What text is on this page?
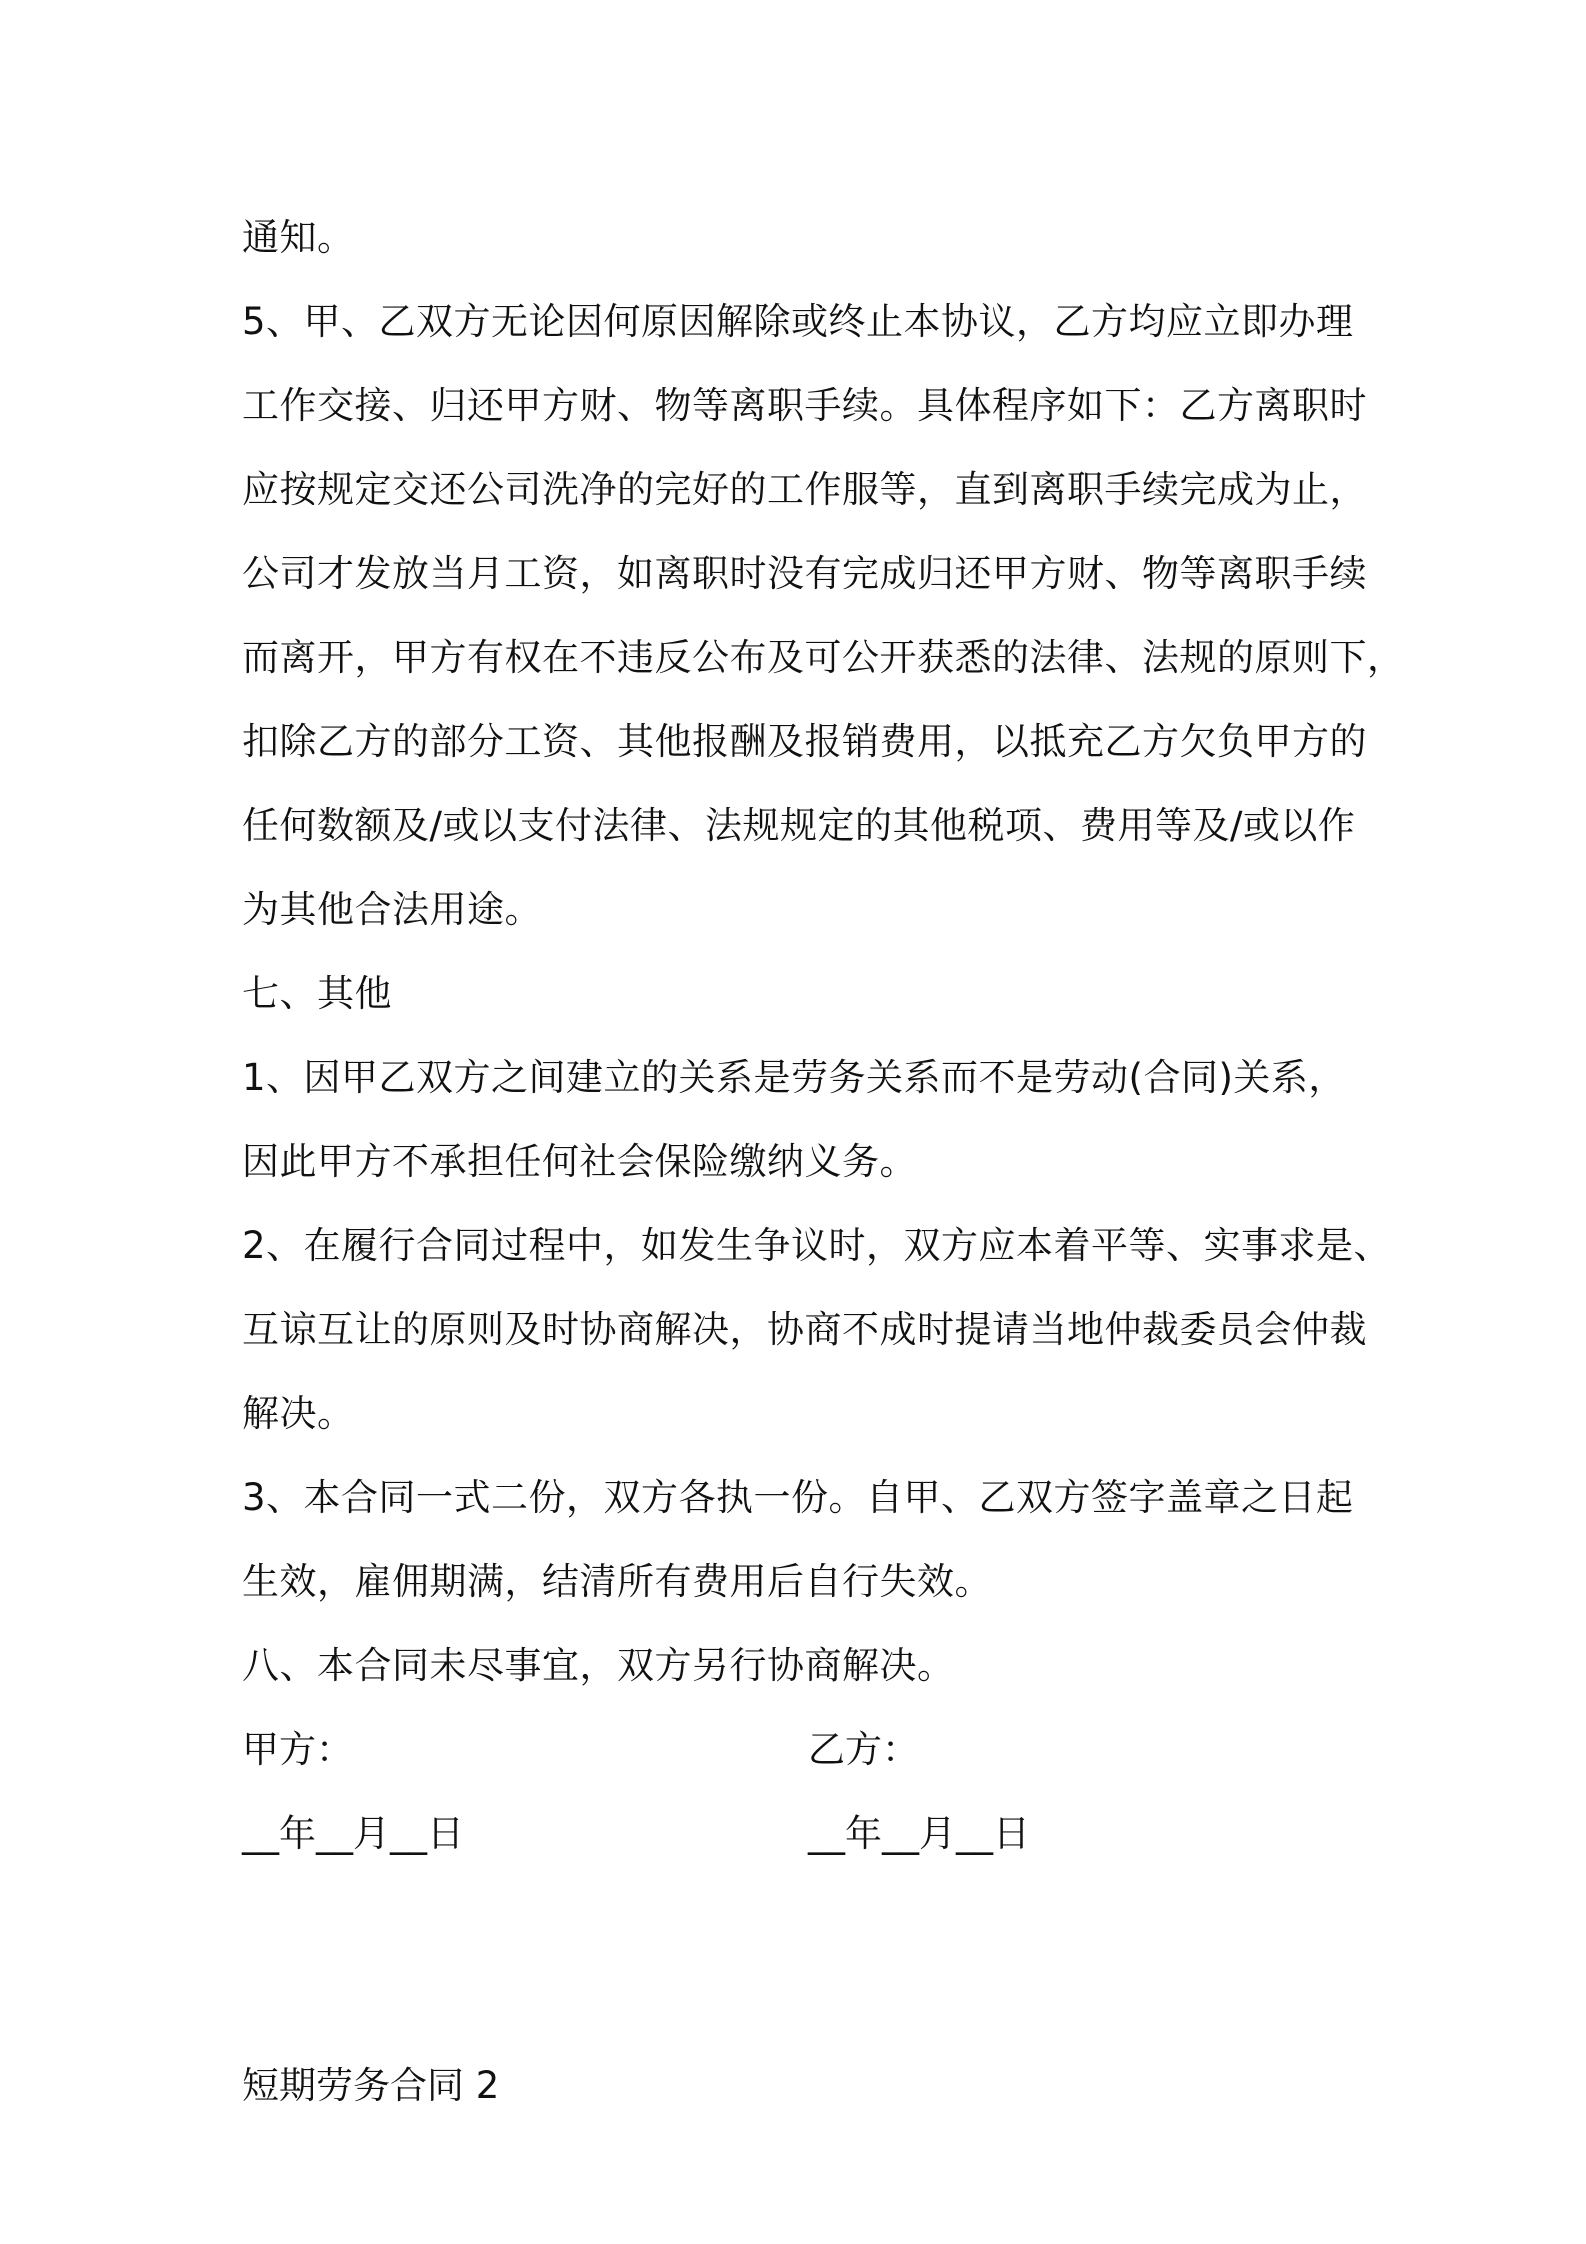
通知。
5、甲、乙双方无论因何原因解除或终止本协议，乙方均应立即办理
工作交接、归还甲方财、物等离职手续。具体程序如下：乙方离职时
应按规定交还公司洗净的完好的工作服等，直到离职手续完成为止，
公司才发放当月工资，如离职时没有完成归还甲方财、物等离职手续
而离开，甲方有权在不违反公布及可公开获悉的法律、法规的原则下，
扣除乙方的部分工资、其他报酬及报销费用，以抵充乙方欠负甲方的
任何数额及/或以支付法律、法规规定的其他税项、费用等及/或以作
为其他合法用途。
七、其他
1、因甲乙双方之间建立的关系是劳务关系而不是劳动(合同)关系，
因此甲方不承担任何社会保险缴纳义务。
2、在履行合同过程中，如发生争议时，双方应本着平等、实事求是、
互谅互让的原则及时协商解决，协商不成时提请当地仲裁委员会仲裁
解决。
3、本合同一式二份，双方各执一份。自甲、乙双方签字盖章之日起
生效，雇佣期满，结清所有费用后自行失效。
八、本合同未尽事宜，双方另行协商解决。
甲方：	乙方：
__年__月__日	__年__月__日
短期劳务合同 2
